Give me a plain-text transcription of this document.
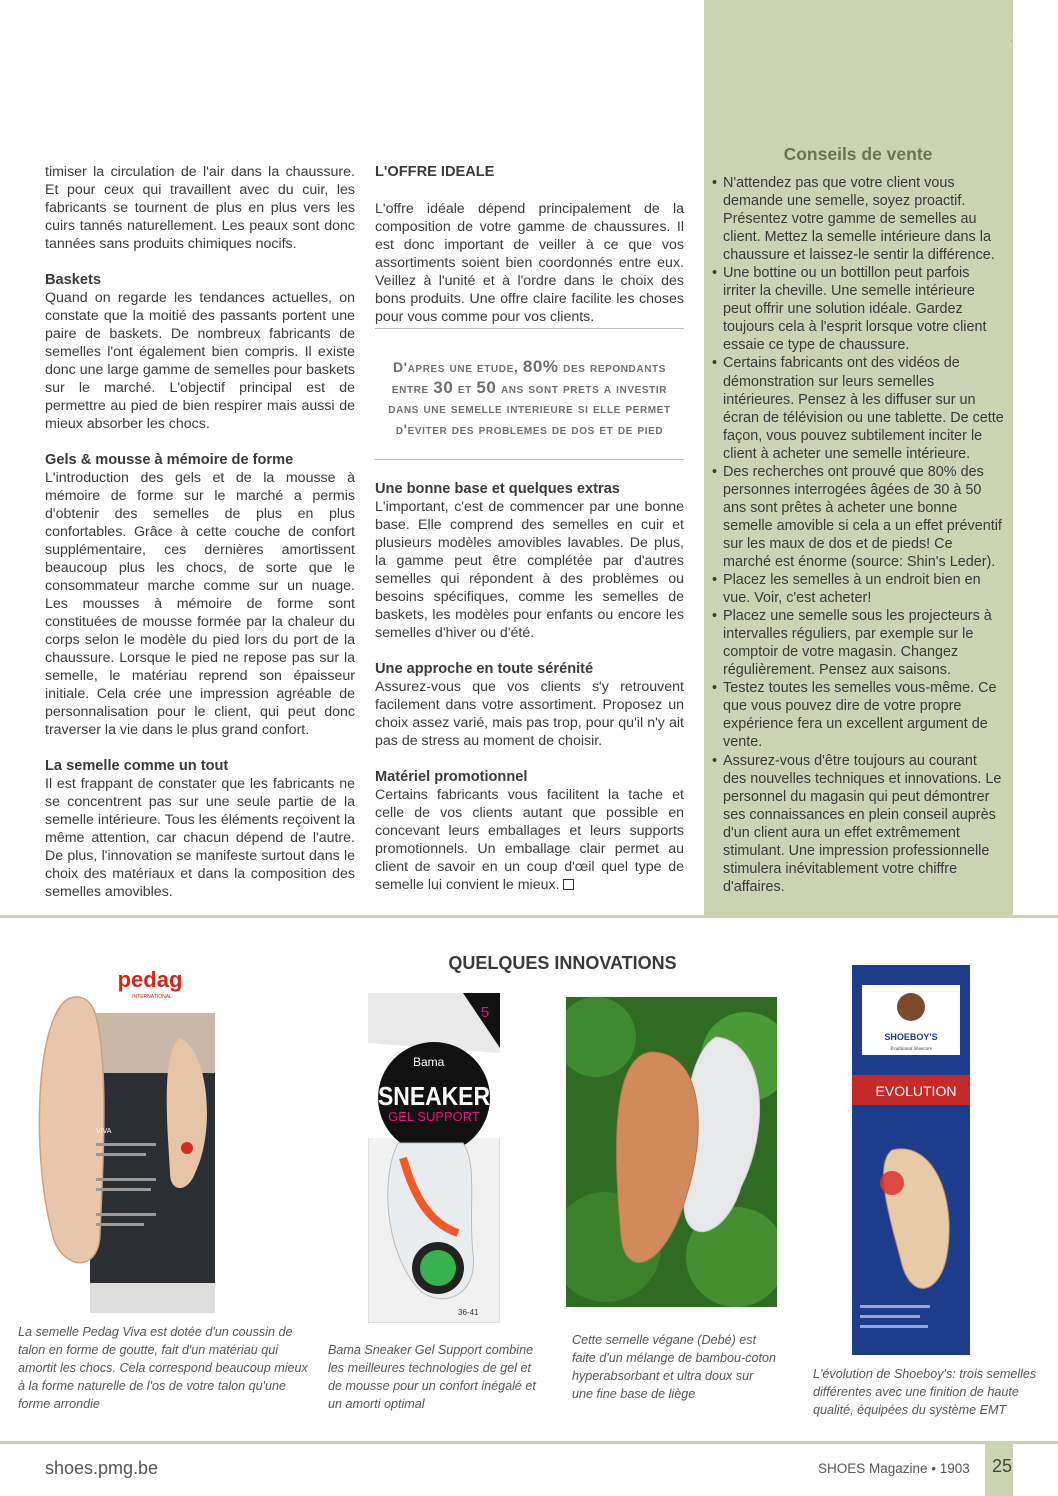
'

timiser la circulation de l'air dans la chaussure. Et pour ceux qui travaillent avec du cuir, les fabricants se tournent de plus en plus vers les cuirs tannés naturellement. Les peaux sont donc tannées sans produits chimiques nocifs.

Baskets

Quand on regarde les tendances actuelles, on constate que la moitié des passants portent une paire de baskets. De nombreux fabricants de semelles l'ont également bien compris. Il existe donc une large gamme de semelles pour baskets sur le marché. L'objectif principal est de permettre au pied de bien respirer mais aussi de mieux absorber les chocs.

Gels & mousse à mémoire de forme

L'introduction des gels et de la mousse à mémoire de forme sur le marché a permis d'obtenir des semelles de plus en plus confortables. Grâce à cette couche de confort supplémentaire, ces dernières amortissent beaucoup plus les chocs, de sorte que le consommateur marche comme sur un nuage. Les mousses à mémoire de forme sont constituées de mousse formée par la chaleur du corps selon le modèle du pied lors du port de la chaussure. Lorsque le pied ne repose pas sur la semelle, le matériau reprend son épaisseur initiale. Cela crée une impression agréable de personnalisation pour le client, qui peut donc traverser la vie dans le plus grand confort.

La semelle comme un tout

Il est frappant de constater que les fabricants ne se concentrent pas sur une seule partie de la semelle intérieure. Tous les éléments reçoivent la même attention, car chacun dépend de l'autre. De plus, l'innovation se manifeste surtout dans le choix des matériaux et dans la composition des semelles amovibles.

L'OFFRE IDEALE

L'offre idéale dépend principalement de la composition de votre gamme de chaussures. Il est donc important de veiller à ce que vos assortiments soient bien coordonnés entre eux. Veillez à l'unité et à l'ordre dans le choix des bons produits. Une offre claire facilite les choses pour vous comme pour vos clients.

D'apres une etude, 80% des repondants entre 30 et 50 ans sont prets a investir dans une semelle interieure si elle permet d'eviter des problemes de dos et de pied
Une bonne base et quelques extras

L'important, c'est de commencer par une bonne base. Elle comprend des semelles en cuir et plusieurs modèles amovibles lavables. De plus, la gamme peut être complétée par d'autres semelles qui répondent à des problèmes ou besoins spécifiques, comme les semelles de baskets, les modèles pour enfants ou encore les semelles d'hiver ou d'été.

Une approche en toute sérénité

Assurez-vous que vos clients s'y retrouvent facilement dans votre assortiment. Proposez un choix assez varié, mais pas trop, pour qu'il n'y ait pas de stress au moment de choisir.

Matériel promotionnel

Certains fabricants vous facilitent la tache et celle de vos clients autant que possible en concevant leurs emballages et leurs supports promotionnels. Un emballage clair permet au client de savoir en un coup d'œil quel type de semelle lui convient le mieux.

Conseils de vente
• N'attendez pas que votre client vous demande une semelle, soyez proactif. Présentez votre gamme de semelles au client. Mettez la semelle intérieure dans la chaussure et laissez-le sentir la différence.
• Une bottine ou un bottillon peut parfois irriter la cheville. Une semelle intérieure peut offrir une solution idéale. Gardez toujours cela à l'esprit lorsque votre client essaie ce type de chaussure.
• Certains fabricants ont des vidéos de démonstration sur leurs semelles intérieures. Pensez à les diffuser sur un écran de télévision ou une tablette. De cette façon, vous pouvez subtilement inciter le client à acheter une semelle intérieure.
• Des recherches ont prouvé que 80% des personnes interrogées âgées de 30 à 50 ans sont prêtes à acheter une bonne semelle amovible si cela a un effet préventif sur les maux de dos et de pieds! Ce marché est énorme (source: Shin's Leder).
• Placez les semelles à un endroit bien en vue. Voir, c'est acheter!
• Placez une semelle sous les projecteurs à intervalles réguliers, par exemple sur le comptoir de votre magasin. Changez régulièrement. Pensez aux saisons.
• Testez toutes les semelles vous-même. Ce que vous pouvez dire de votre propre expérience fera un excellent argument de vente.
• Assurez-vous d'être toujours au courant des nouvelles techniques et innovations. Le personnel du magasin qui peut démontrer ses connaissances en plein conseil auprès d'un client aura un effet extrêmement stimulant. Une impression professionnelle stimulera inévitablement votre chiffre d'affaires.
QUELQUES INNOVATIONS
pedag
INTERNATIONAL
VIVA
5
Bama
SNEAKER
GEL SUPPORT
36-41
SHOEBOY'S
Traditional Shoecare
EVOLUTION
La semelle Pedag Viva est dotée d'un coussin de talon en forme de goutte, fait d'un matériau qui amortit les chocs. Cela correspond beaucoup mieux à la forme naturelle de l'os de votre talon qu'une forme arrondie
Bama Sneaker Gel Support combine les meilleures technologies de gel et de mousse pour un confort inégalé et un amorti optimal
Cette semelle végane (Debé) est faite d'un mélange de bambou-coton hyperabsorbant et ultra doux sur une fine base de liège
L'évolution de Shoeboy's: trois semelles différentes avec une finition de haute qualité, équipées du système EMT
shoes.pmg.be	SHOES Magazine • 1903 25
